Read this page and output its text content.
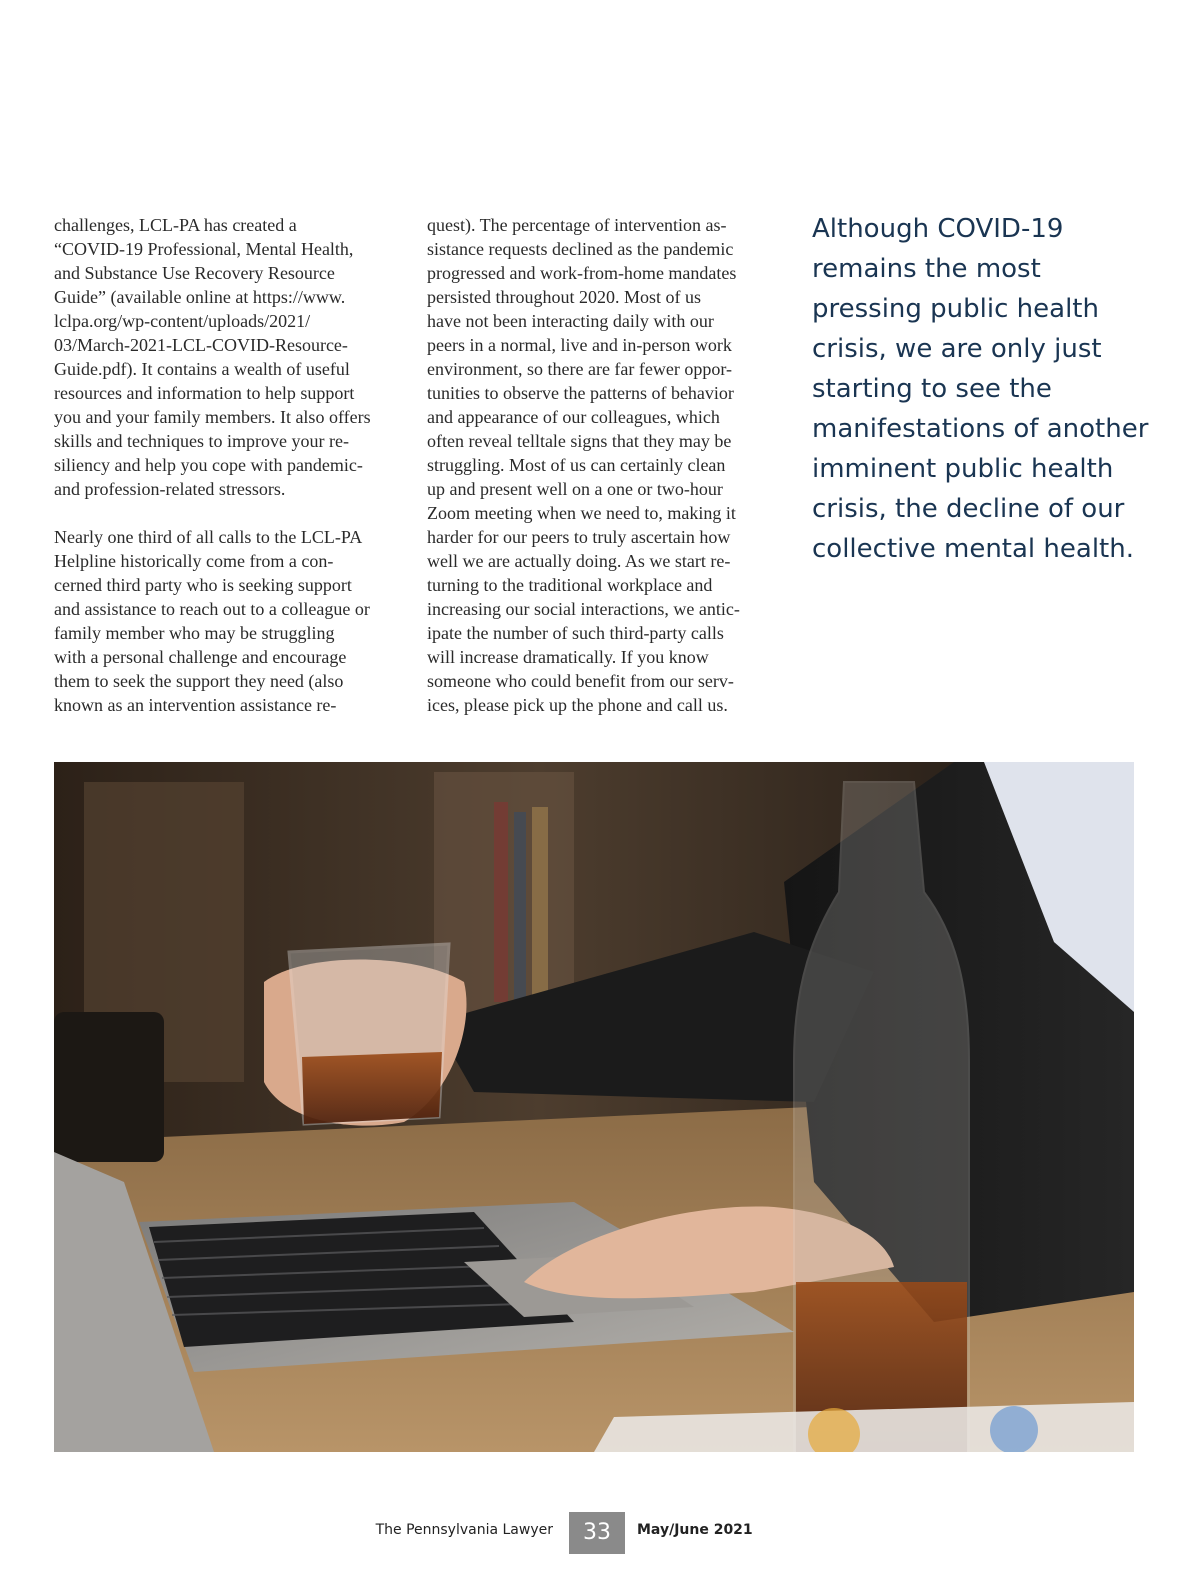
challenges, LCL-PA has created a
“COVID-19 Professional, Mental Health,
and Substance Use Recovery Resource
Guide” (available online at https://www.
lclpa.org/wp-content/uploads/2021/
03/March-2021-LCL-COVID-Resource-
Guide.pdf). It contains a wealth of useful
resources and information to help support
you and your family members. It also offers
skills and techniques to improve your re-
siliency and help you cope with pandemic-
and profession-related stressors.

Nearly one third of all calls to the LCL-PA
Helpline historically come from a con-
cerned third party who is seeking support
and assistance to reach out to a colleague or
family member who may be struggling
with a personal challenge and encourage
them to seek the support they need (also
known as an intervention assistance re-

quest). The percentage of intervention as-
sistance requests declined as the pandemic
progressed and work-from-home mandates
persisted throughout 2020. Most of us
have not been interacting daily with our
peers in a normal, live and in-person work
environment, so there are far fewer oppor-
tunities to observe the patterns of behavior
and appearance of our colleagues, which
often reveal telltale signs that they may be
struggling. Most of us can certainly clean
up and present well on a one or two-hour
Zoom meeting when we need to, making it
harder for our peers to truly ascertain how
well we are actually doing. As we start re-
turning to the traditional workplace and
increasing our social interactions, we antic-
ipate the number of such third-party calls
will increase dramatically. If you know
someone who could benefit from our serv-
ices, please pick up the phone and call us.

Although COVID-19
remains the most
pressing public health
crisis, we are only just
starting to see the
manifestations of another
imminent public health
crisis, the decline of our
collective mental health.

The Pennsylvania Lawyer	33	May/June 2021
